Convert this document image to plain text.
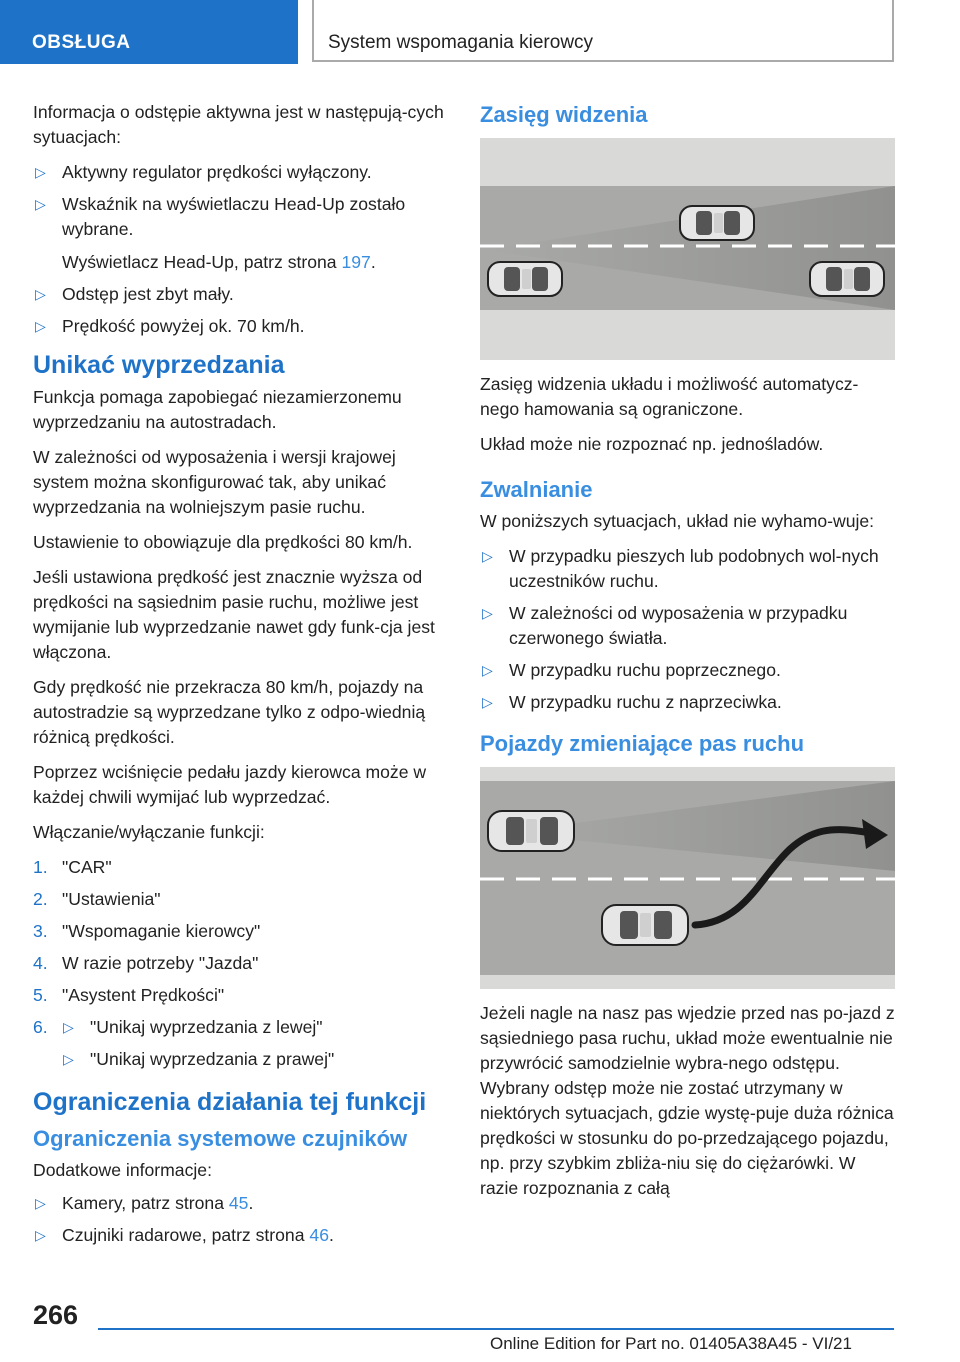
OBSŁUGA	System wspomagania kierowcy

Informacja o odstępie aktywna jest w następują‐cych sytuacjach:

▷ Aktywny regulator prędkości wyłączony.
▷ Wskaźnik na wyświetlaczu Head-Up zostało wybrane.
Wyświetlacz Head-Up, patrz strona 197.
▷ Odstęp jest zbyt mały.
▷ Prędkość powyżej ok. 70 km/h.
Unikać wyprzedzania

Funkcja pomaga zapobiegać niezamierzonemu wyprzedzaniu na autostradach.

W zależności od wyposażenia i wersji krajowej system można skonfigurować tak, aby unikać wyprzedzania na wolniejszym pasie ruchu.

Ustawienie to obowiązuje dla prędkości 80 km/h.

Jeśli ustawiona prędkość jest znacznie wyższa od prędkości na sąsiednim pasie ruchu, możliwe jest wymijanie lub wyprzedzanie nawet gdy funk‐cja jest włączona.

Gdy prędkość nie przekracza 80 km/h, pojazdy na autostradzie są wyprzedzane tylko z odpo‐wiednią różnicą prędkości.

Poprzez wciśnięcie pedału jazdy kierowca może w każdej chwili wymijać lub wyprzedzać.

Włączanie/wyłączanie funkcji:

1. "CAR"
2. "Ustawienia"
3. "Wspomaganie kierowcy"
4. W razie potrzeby "Jazda"
5. "Asystent Prędkości"
6. ▷ "Unikaj wyprzedzania z lewej"
▷ "Unikaj wyprzedzania z prawej"
Ograniczenia działania tej funkcji
Ograniczenia systemowe czujników

Dodatkowe informacje:

▷ Kamery, patrz strona 45.
▷ Czujniki radarowe, patrz strona 46.
Zasięg widzenia

Zasięg widzenia układu i możliwość automatycz‐nego hamowania są ograniczone.

Układ może nie rozpoznać np. jednośladów.

Zwalnianie

W poniższych sytuacjach, układ nie wyhamo‐wuje:

▷ W przypadku pieszych lub podobnych wol‐nych uczestników ruchu.
▷ W zależności od wyposażenia w przypadku czerwonego światła.
▷ W przypadku ruchu poprzecznego.
▷ W przypadku ruchu z naprzeciwka.
Pojazdy zmieniające pas ruchu

Jeżeli nagle na nasz pas wjedzie przed nas po‐jazd z sąsiedniego pasa ruchu, układ może ewentualnie nie przywrócić samodzielnie wybra‐nego odstępu. Wybrany odstęp może nie zostać utrzymany w niektórych sytuacjach, gdzie wystę‐puje duża różnica prędkości w stosunku do po‐przedzającego pojazdu, np. przy szybkim zbliża‐niu się do ciężarówki. W razie rozpoznania z całą

266
Online Edition for Part no. 01405A38A45 - VI/21
